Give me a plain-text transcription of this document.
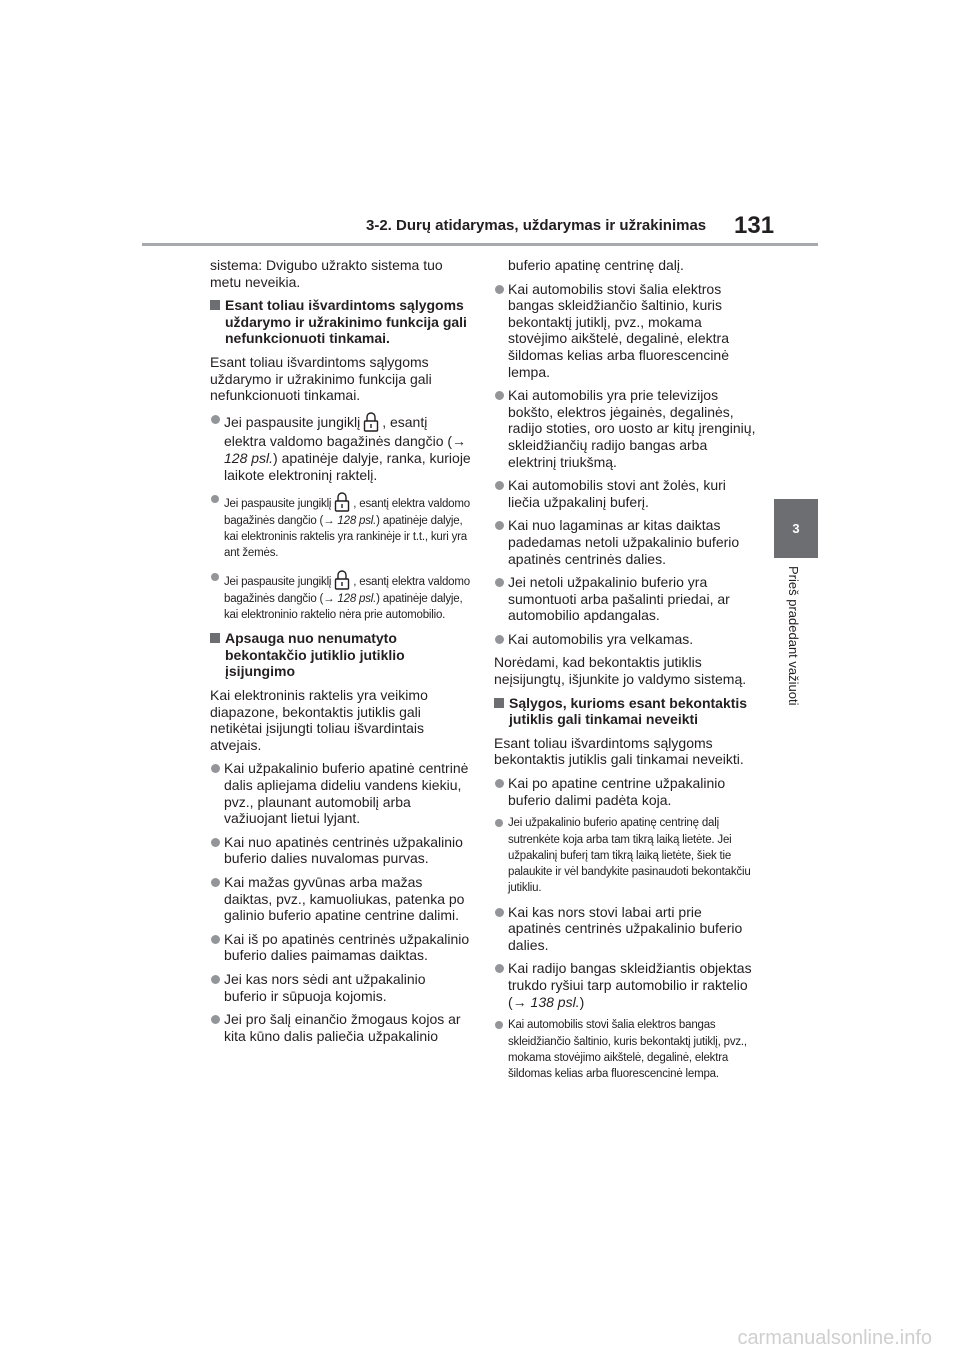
3-2. Durų atidarymas, uždarymas ir užrakinimas 131
3
Prieš pradedant važiuoti

sistema: Dvigubo užrakto sistema tuo metu neveikia.

Esant toliau išvardintoms sąlygoms uždarymo ir užrakinimo funkcija gali nefunkcionuoti tinkamai.

Esant toliau išvardintoms sąlygoms uždarymo ir užrakinimo funkcija gali nefunkcionuoti tinkamai.

Jei paspausite jungiklį , esantį elektra valdomo bagažinės dangčio (→ 128 psl.) apatinėje dalyje, ranka, kurioje laikote elektroninį raktelį.
Jei paspausite jungiklį , esantį elektra valdomo bagažinės dangčio (→ 128 psl.) apatinėje dalyje, kai elektroninis raktelis yra rankinėje ir t.t., kuri yra ant žemės.
Jei paspausite jungiklį , esantį elektra valdomo bagažinės dangčio (→ 128 psl.) apatinėje dalyje, kai elektroninio raktelio nėra prie automobilio.
Apsauga nuo nenumatyto bekontakčio jutiklio jutiklio įsijungimo

Kai elektroninis raktelis yra veikimo diapazone, bekontaktis jutiklis gali netikėtai įsijungti toliau išvardintais atvejais.

Kai užpakalinio buferio apatinė centrinė dalis apliejama dideliu vandens kiekiu, pvz., plaunant automobilį arba važiuojant lietui lyjant.
Kai nuo apatinės centrinės užpakalinio buferio dalies nuvalomas purvas.
Kai mažas gyvūnas arba mažas daiktas, pvz., kamuoliukas, patenka po galinio buferio apatine centrine dalimi.
Kai iš po apatinės centrinės užpakalinio buferio dalies paimamas daiktas.
Jei kas nors sėdi ant užpakalinio buferio ir sūpuoja kojomis.
Jei pro šalį einančio žmogaus kojos ar kita kūno dalis paliečia užpakalinio

buferio apatinę centrinę dalį.

Kai automobilis stovi šalia elektros bangas skleidžiančio šaltinio, kuris bekontaktį jutiklį, pvz., mokama stovėjimo aikštelė, degalinė, elektra šildomas kelias arba fluorescencinė lempa.
Kai automobilis yra prie televizijos bokšto, elektros jėgainės, degalinės, radijo stoties, oro uosto ar kitų įrenginių, skleidžiančių radijo bangas arba elektrinį triukšmą.
Kai automobilis stovi ant žolės, kuri liečia užpakalinį buferį.
Kai nuo lagaminas ar kitas daiktas padedamas netoli užpakalinio buferio apatinės centrinės dalies.
Jei netoli užpakalinio buferio yra sumontuoti arba pašalinti priedai, ar automobilio apdangalas.
Kai automobilis yra velkamas.

Norėdami, kad bekontaktis jutiklis neįsijungtų, išjunkite jo valdymo sistemą.

Sąlygos, kurioms esant bekontaktis jutiklis gali tinkamai neveikti

Esant toliau išvardintoms sąlygoms bekontaktis jutiklis gali tinkamai neveikti.

Kai po apatine centrine užpakalinio buferio dalimi padėta koja.
Jei užpakalinio buferio apatinę centrinę dalį sutrenkėte koja arba tam tikrą laiką lietėte. Jei užpakalinį buferį tam tikrą laiką lietėte, šiek tie palaukite ir vėl bandykite pasinaudoti bekontakčiu jutikliu.
Kai kas nors stovi labai arti prie apatinės centrinės užpakalinio buferio dalies.
Kai radijo bangas skleidžiantis objektas trukdo ryšiui tarp automobilio ir raktelio (→ 138 psl.)
Kai automobilis stovi šalia elektros bangas skleidžiančio šaltinio, kuris bekontaktį jutiklį, pvz., mokama stovėjimo aikštelė, degalinė, elektra šildomas kelias arba fluorescencinė lempa.
carmanualsonline.info
